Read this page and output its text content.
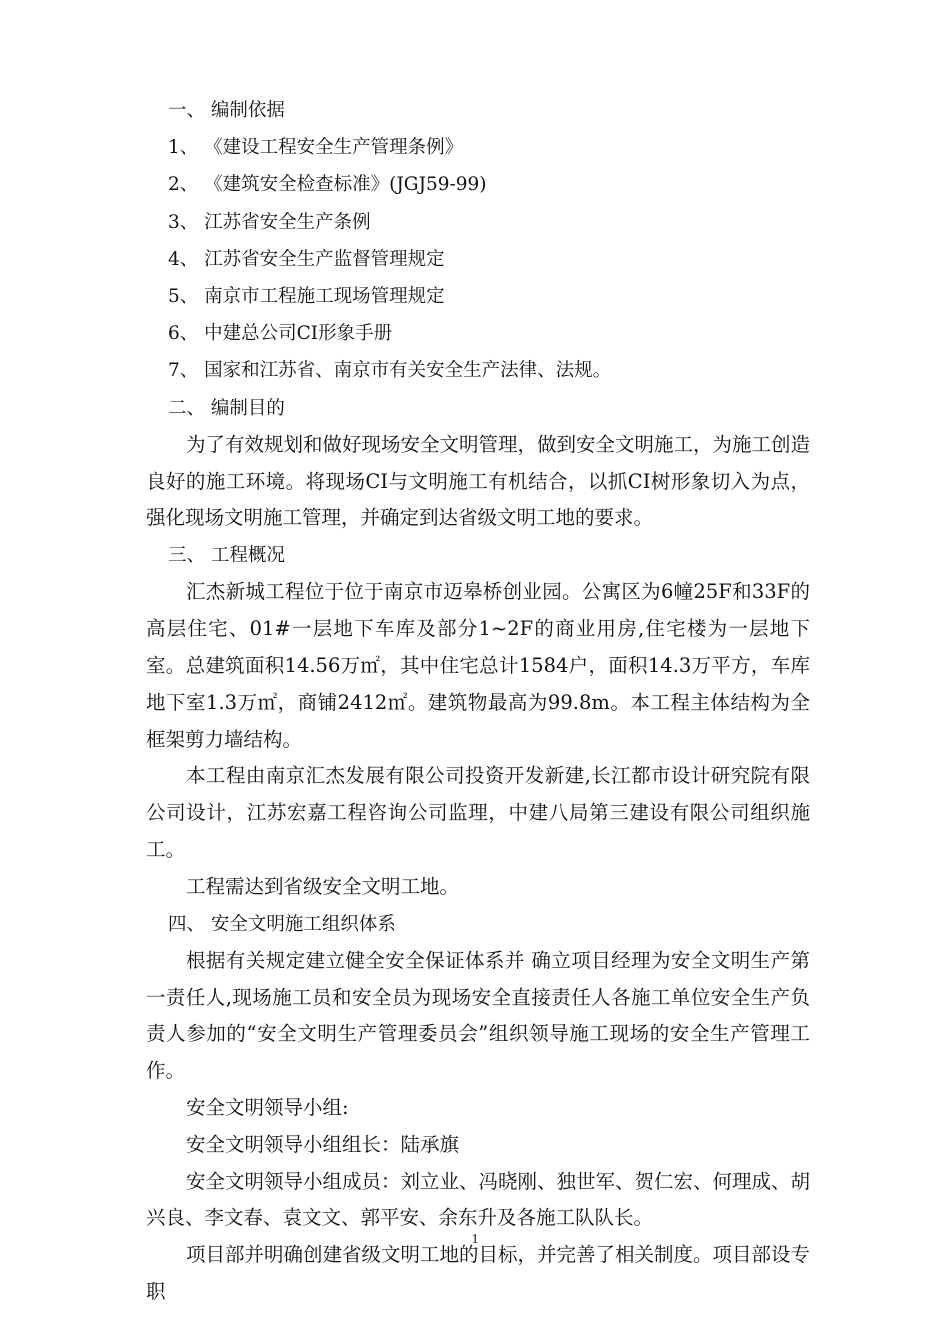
一、 编制依据

1、 《建设工程安全生产管理条例》

2、 《建筑安全检查标准》(JGJ59-99)

3、 江苏省安全生产条例

4、 江苏省安全生产监督管理规定

5、 南京市工程施工现场管理规定

6、 中建总公司CI形象手册

7、 国家和江苏省、南京市有关安全生产法律、法规。

二、 编制目的

为了有效规划和做好现场安全文明管理，做到安全文明施工，为施工创造良好的施工环境。将现场CI与文明施工有机结合，以抓CI树形象切入为点，强化现场文明施工管理，并确定到达省级文明工地的要求。

三、 工程概况

汇杰新城工程位于位于南京市迈皋桥创业园。公寓区为6幢25F和33F的高层住宅、01#一层地下车库及部分1~2F的商业用房,住宅楼为一层地下室。总建筑面积14.56万㎡，其中住宅总计1584户，面积14.3万平方，车库地下室1.3万㎡，商铺2412㎡。建筑物最高为99.8m。本工程主体结构为全框架剪力墙结构。

本工程由南京汇杰发展有限公司投资开发新建,长江都市设计研究院有限公司设计，江苏宏嘉工程咨询公司监理，中建八局第三建设有限公司组织施工。

工程需达到省级安全文明工地。

四、 安全文明施工组织体系

根据有关规定建立健全安全保证体系并 确立项目经理为安全文明生产第一责任人,现场施工员和安全员为现场安全直接责任人各施工单位安全生产负责人参加的“安全文明生产管理委员会”组织领导施工现场的安全生产管理工作。

安全文明领导小组:

安全文明领导小组组长：陆承旗

安全文明领导小组成员：刘立业、冯晓刚、独世军、贺仁宏、何理成、胡兴良、李文春、袁文文、郭平安、余东升及各施工队队长。

项目部并明确创建省级文明工地的目标，并完善了相关制度。项目部设专职

1
